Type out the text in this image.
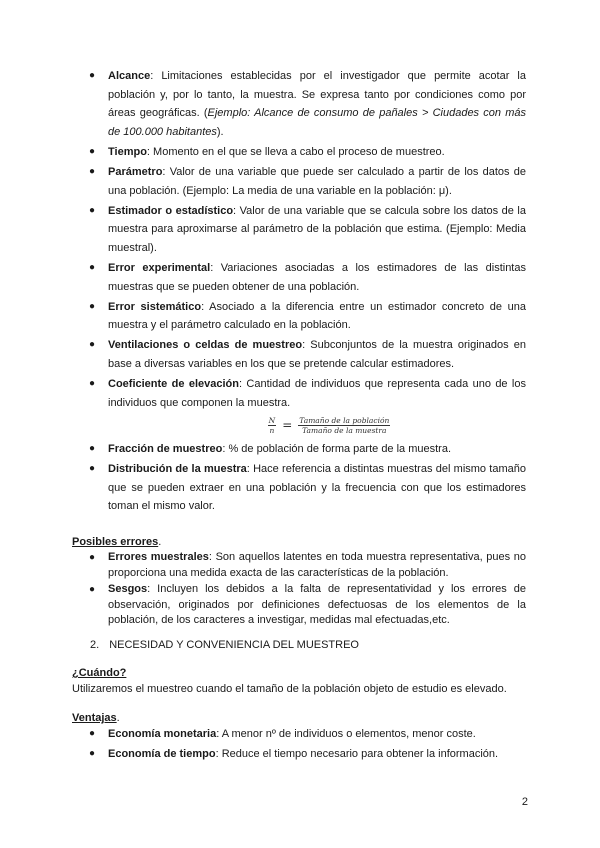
● Alcance: Limitaciones establecidas por el investigador que permite acotar la población y, por lo tanto, la muestra. Se expresa tanto por condiciones como por áreas geográficas. (Ejemplo: Alcance de consumo de pañales > Ciudades con más de 100.000 habitantes).
● Tiempo: Momento en el que se lleva a cabo el proceso de muestreo.
● Parámetro: Valor de una variable que puede ser calculado a partir de los datos de una población. (Ejemplo: La media de una variable en la población: μ).
● Estimador o estadístico: Valor de una variable que se calcula sobre los datos de la muestra para aproximarse al parámetro de la población que estima. (Ejemplo: Media muestral).
● Error experimental: Variaciones asociadas a los estimadores de las distintas muestras que se pueden obtener de una población.
● Error sistemático: Asociado a la diferencia entre un estimador concreto de una muestra y el parámetro calculado en la población.
● Ventilaciones o celdas de muestreo: Subconjuntos de la muestra originados en base a diversas variables en los que se pretende calcular estimadores.
● Coeficiente de elevación: Cantidad de individuos que representa cada uno de los individuos que componen la muestra.
$\frac{N}{n} = \frac{\text{Tamaño de la población}}{\text{Tamaño de la muestra}}$
● Fracción de muestreo: % de población de forma parte de la muestra.
● Distribución de la muestra: Hace referencia a distintas muestras del mismo tamaño que se pueden extraer en una población y la frecuencia con que los estimadores toman el mismo valor.
Posibles errores.
● Errores muestrales: Son aquellos latentes en toda muestra representativa, pues no proporciona una medida exacta de las características de la población.
● Sesgos: Incluyen los debidos a la falta de representatividad y los errores de observación, originados por definiciones defectuosas de los elementos de la población, de los caracteres a investigar, medidas mal efectuadas,etc.
2. NECESIDAD Y CONVENIENCIA DEL MUESTREO
¿Cuándo?
Utilizaremos el muestreo cuando el tamaño de la población objeto de estudio es elevado.
Ventajas.
● Economía monetaria: A menor nº de individuos o elementos, menor coste.
● Economía de tiempo: Reduce el tiempo necesario para obtener la información.
2
